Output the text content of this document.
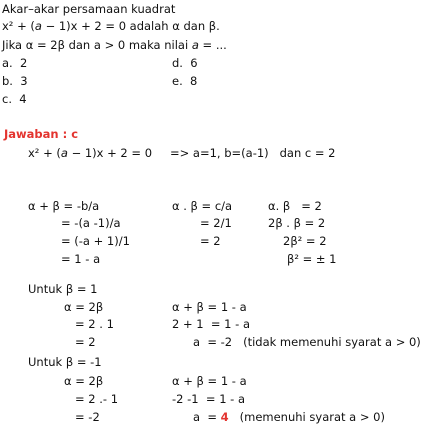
Akar–akar persamaan kuadrat
x² + (a − 1)x + 2 = 0 adalah α dan β.
Jika α = 2β dan a > 0 maka nilai a = ...
a.  2
b.  3
c.  4
d.  6
e.  8
Jawaban : c
x² + (a − 1)x + 2 = 0 => a=1, b=(a-1)   dan c = 2
α + β = -b/a
= -(a -1)/a
= (-a + 1)/1
= 1 - a
α . β = c/a
= 2/1
= 2
α. β   = 2
2β . β = 2
2β² = 2
β² = ± 1
Untuk β = 1
α = 2β
= 2 . 1
= 2
α + β = 1 - a
2 + 1  = 1 - a
a  = -2   (tidak memenuhi syarat a > 0)
Untuk β = -1
α = 2β
= 2 .- 1
= -2
α + β = 1 - a
-2 -1  = 1 - a
a  = 4   (memenuhi syarat a > 0)
